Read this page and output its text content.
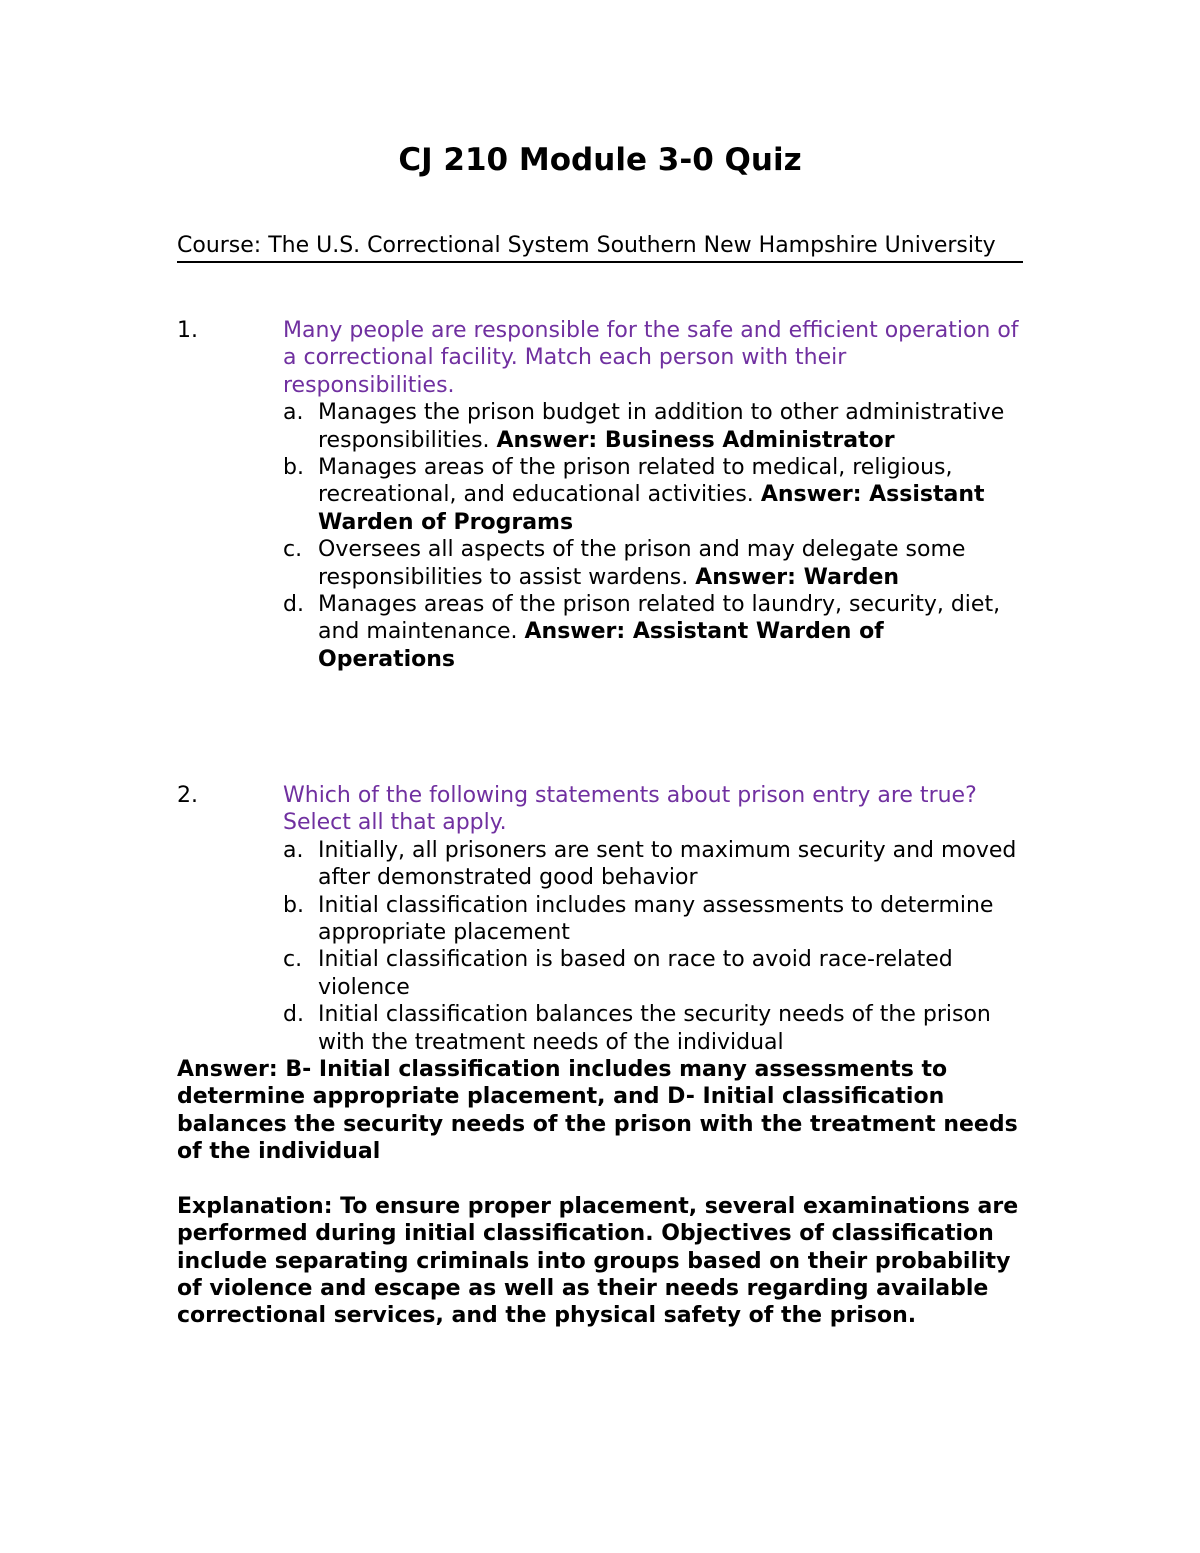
CJ 210 Module 3-0 Quiz
Course: The U.S. Correctional System Southern New Hampshire University
1.	Many people are responsible for the safe and efficient operation of a correctional facility. Match each person with their responsibilities.
a. Manages the prison budget in addition to other administrative responsibilities. Answer: Business Administrator
b. Manages areas of the prison related to medical, religious, recreational, and educational activities. Answer: Assistant Warden of Programs
c. Oversees all aspects of the prison and may delegate some responsibilities to assist wardens. Answer: Warden
d. Manages areas of the prison related to laundry, security, diet, and maintenance. Answer: Assistant Warden of Operations
2.	Which of the following statements about prison entry are true? Select all that apply.
a. Initially, all prisoners are sent to maximum security and moved after demonstrated good behavior
b. Initial classification includes many assessments to determine appropriate placement
c. Initial classification is based on race to avoid race-related violence
d. Initial classification balances the security needs of the prison with the treatment needs of the individual

Answer: B- Initial classification includes many assessments to determine appropriate placement, and D- Initial classification balances the security needs of the prison with the treatment needs of the individual

Explanation: To ensure proper placement, several examinations are performed during initial classification. Objectives of classification include separating criminals into groups based on their probability of violence and escape as well as their needs regarding available correctional services, and the physical safety of the prison.
